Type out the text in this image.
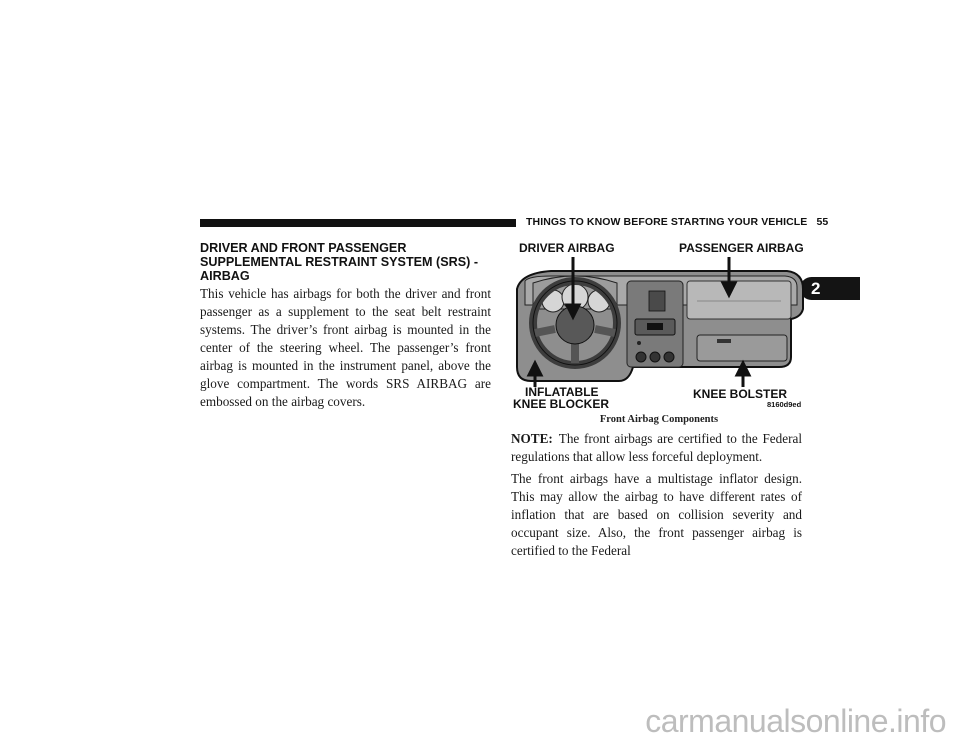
THINGS TO KNOW BEFORE STARTING YOUR VEHICLE 55
2
DRIVER AND FRONT PASSENGER SUPPLEMENTAL RESTRAINT SYSTEM (SRS) - AIRBAG

This vehicle has airbags for both the driver and front passenger as a supplement to the seat belt restraint systems. The driver’s front airbag is mounted in the center of the steering wheel. The passenger’s front airbag is mounted in the instrument panel, above the glove compartment. The words SRS AIRBAG are embossed on the airbag covers.

DRIVER AIRBAG	PASSENGER AIRBAG
INFLATABLE
KNEE BLOCKER
KNEE BOLSTER
8160d9ed
Front Airbag Components

NOTE: The front airbags are certified to the Federal regulations that allow less forceful deployment.

The front airbags have a multistage inflator design. This may allow the airbag to have different rates of inflation that are based on collision severity and occupant size. Also, the front passenger airbag is certified to the Federal

carmanualsonline.info
